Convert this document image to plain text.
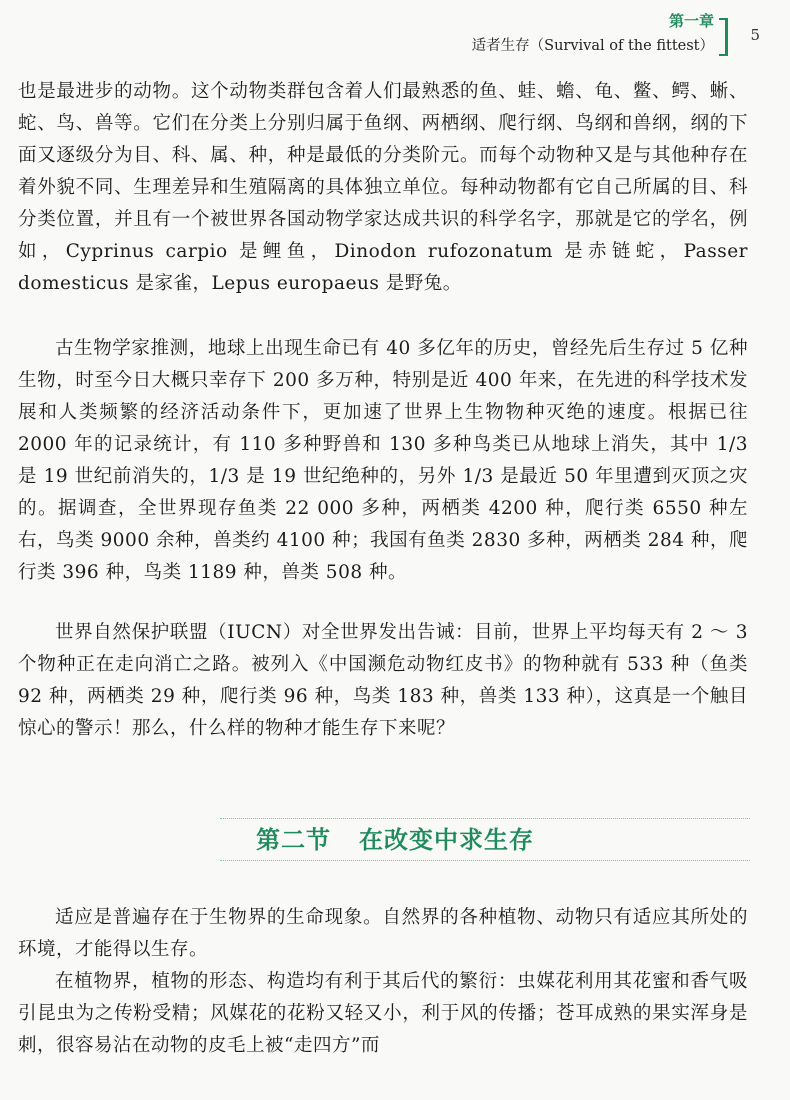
第一章
适者生存（Survival of the fittest）
5

也是最进步的动物。这个动物类群包含着人们最熟悉的鱼、蛙、蟾、龟、鳖、鳄、蜥、蛇、鸟、兽等。它们在分类上分别归属于鱼纲、两栖纲、爬行纲、鸟纲和兽纲，纲的下面又逐级分为目、科、属、种，种是最低的分类阶元。而每个动物种又是与其他种存在着外貌不同、生理差异和生殖隔离的具体独立单位。每种动物都有它自己所属的目、科分类位置，并且有一个被世界各国动物学家达成共识的科学名字，那就是它的学名，例如，Cyprinus carpio 是鲤鱼，Dinodon rufozonatum 是赤链蛇，Passer domesticus 是家雀，Lepus europaeus 是野兔。

古生物学家推测，地球上出现生命已有 40 多亿年的历史，曾经先后生存过 5 亿种生物，时至今日大概只幸存下 200 多万种，特别是近 400 年来，在先进的科学技术发展和人类频繁的经济活动条件下，更加速了世界上生物物种灭绝的速度。根据已往 2000 年的记录统计，有 110 多种野兽和 130 多种鸟类已从地球上消失，其中 1/3 是 19 世纪前消失的，1/3 是 19 世纪绝种的，另外 1/3 是最近 50 年里遭到灭顶之灾的。据调查，全世界现存鱼类 22 000 多种，两栖类 4200 种，爬行类 6550 种左右，鸟类 9000 余种，兽类约 4100 种；我国有鱼类 2830 多种，两栖类 284 种，爬行类 396 种，鸟类 1189 种，兽类 508 种。

世界自然保护联盟（IUCN）对全世界发出告诫：目前，世界上平均每天有 2 ～ 3 个物种正在走向消亡之路。被列入《中国濒危动物红皮书》的物种就有 533 种（鱼类 92 种，两栖类 29 种，爬行类 96 种，鸟类 183 种，兽类 133 种），这真是一个触目惊心的警示！那么，什么样的物种才能生存下来呢？

第二节 在改变中求生存

适应是普遍存在于生物界的生命现象。自然界的各种植物、动物只有适应其所处的环境，才能得以生存。

在植物界，植物的形态、构造均有利于其后代的繁衍：虫媒花利用其花蜜和香气吸引昆虫为之传粉受精；风媒花的花粉又轻又小，利于风的传播；苍耳成熟的果实浑身是刺，很容易沾在动物的皮毛上被“走四方”而
